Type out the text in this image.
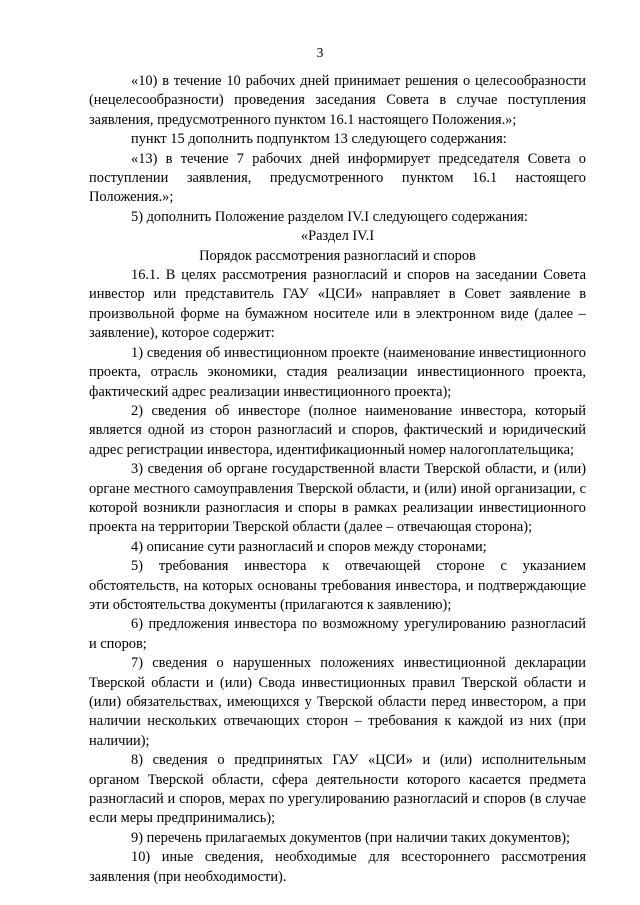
3

«10) в течение 10 рабочих дней принимает решения о целесообразности (нецелесообразности) проведения заседания Совета в случае поступления заявления, предусмотренного пунктом 16.1 настоящего Положения.»;

пункт 15 дополнить подпунктом 13 следующего содержания:

«13) в течение 7 рабочих дней информирует председателя Совета о поступлении заявления, предусмотренного пунктом 16.1 настоящего Положения.»;

5) дополнить Положение разделом IV.I следующего содержания:

«Раздел IV.I

Порядок рассмотрения разногласий и споров

16.1. В целях рассмотрения разногласий и споров на заседании Совета инвестор или представитель ГАУ «ЦСИ» направляет в Совет заявление в произвольной форме на бумажном носителе или в электронном виде (далее – заявление), которое содержит:

1) сведения об инвестиционном проекте (наименование инвестиционного проекта, отрасль экономики, стадия реализации инвестиционного проекта, фактический адрес реализации инвестиционного проекта);

2) сведения об инвесторе (полное наименование инвестора, который является одной из сторон разногласий и споров, фактический и юридический адрес регистрации инвестора, идентификационный номер налогоплательщика;

3) сведения об органе государственной власти Тверской области, и (или) органе местного самоуправления Тверской области, и (или) иной организации, с которой возникли разногласия и споры в рамках реализации инвестиционного проекта на территории Тверской области (далее – отвечающая сторона);

4) описание сути разногласий и споров между сторонами;

5) требования инвестора к отвечающей стороне с указанием обстоятельств, на которых основаны требования инвестора, и подтверждающие эти обстоятельства документы (прилагаются к заявлению);

6) предложения инвестора по возможному урегулированию разногласий и споров;

7) сведения о нарушенных положениях инвестиционной декларации Тверской области и (или) Свода инвестиционных правил Тверской области и (или) обязательствах, имеющихся у Тверской области перед инвестором, а при наличии нескольких отвечающих сторон – требования к каждой из них (при наличии);

8) сведения о предпринятых ГАУ «ЦСИ» и (или) исполнительным органом Тверской области, сфера деятельности которого касается предмета разногласий и споров, мерах по урегулированию разногласий и споров (в случае если меры предпринимались);

9) перечень прилагаемых документов (при наличии таких документов);

10) иные сведения, необходимые для всестороннего рассмотрения заявления (при необходимости).
